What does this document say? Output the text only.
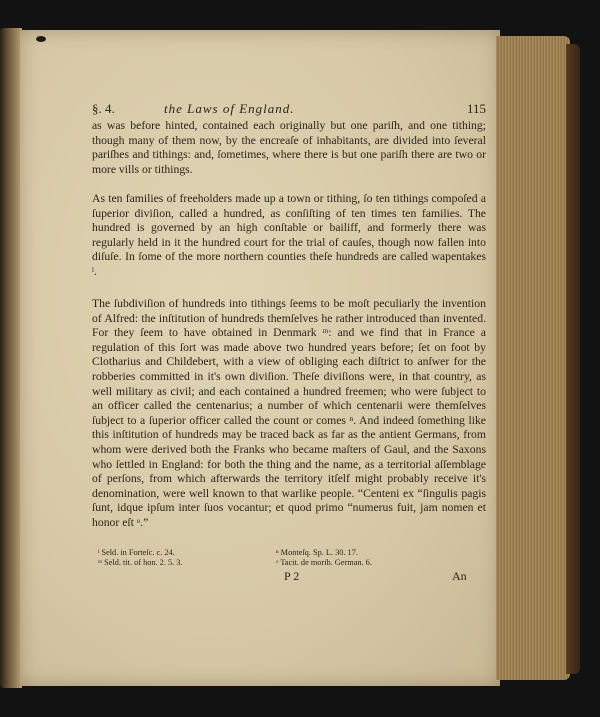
§. 4.	the Laws of England.	115
as was before hinted, contained each originally but one pariſh, and one tithing; though many of them now, by the encreaſe of inhabitants, are divided into ſeveral pariſhes and tithings: and, ſometimes, where there is but one pariſh there are two or more vills or tithings.
As ten families of freeholders made up a town or tithing, ſo ten tithings compoſed a ſuperior diviſion, called a hundred, as conſiſting of ten times ten families. The hundred is governed by an high conſtable or bailiff, and formerly there was regularly held in it the hundred court for the trial of cauſes, though now fallen into diſuſe. In ſome of the more northern counties theſe hundreds are called wapentakes ˡ.
The ſubdiviſion of hundreds into tithings ſeems to be moſt peculiarly the invention of Alfred: the inſtitution of hundreds themſelves he rather introduced than invented. For they ſeem to have obtained in Denmark ᵐ: and we find that in France a regulation of this ſort was made above two hundred years before; ſet on foot by Clotharius and Childebert, with a view of obliging each diſtrict to anſwer for the robberies committed in it's own diviſion. Theſe diviſions were, in that country, as well military as civil; and each contained a hundred freemen; who were ſubject to an officer called the centenarius; a number of which centenarii were themſelves ſubject to a ſuperior officer called the count or comes ⁿ. And indeed ſomething like this inſtitution of hundreds may be traced back as far as the antient Germans, from whom were derived both the Franks who became maſters of Gaul, and the Saxons who ſettled in England: for both the thing and the name, as a territorial aſſemblage of perſons, from which afterwards the territory itſelf might probably receive it's denomination, were well known to that warlike people. “Centeni ex “ſingulis pagis ſunt, idque ipſum inter ſuos vocantur; et quod primo “numerus fuit, jam nomen et honor eſt ᵒ.”
ˡ Seld. in Forteſc. c. 24.
ᵐ Seld. tit. of hon. 2. 5. 3.
ⁿ Monteſq. Sp. L. 30. 17.
ᵒ Tacit. de morib. German. 6.
P 2	An
